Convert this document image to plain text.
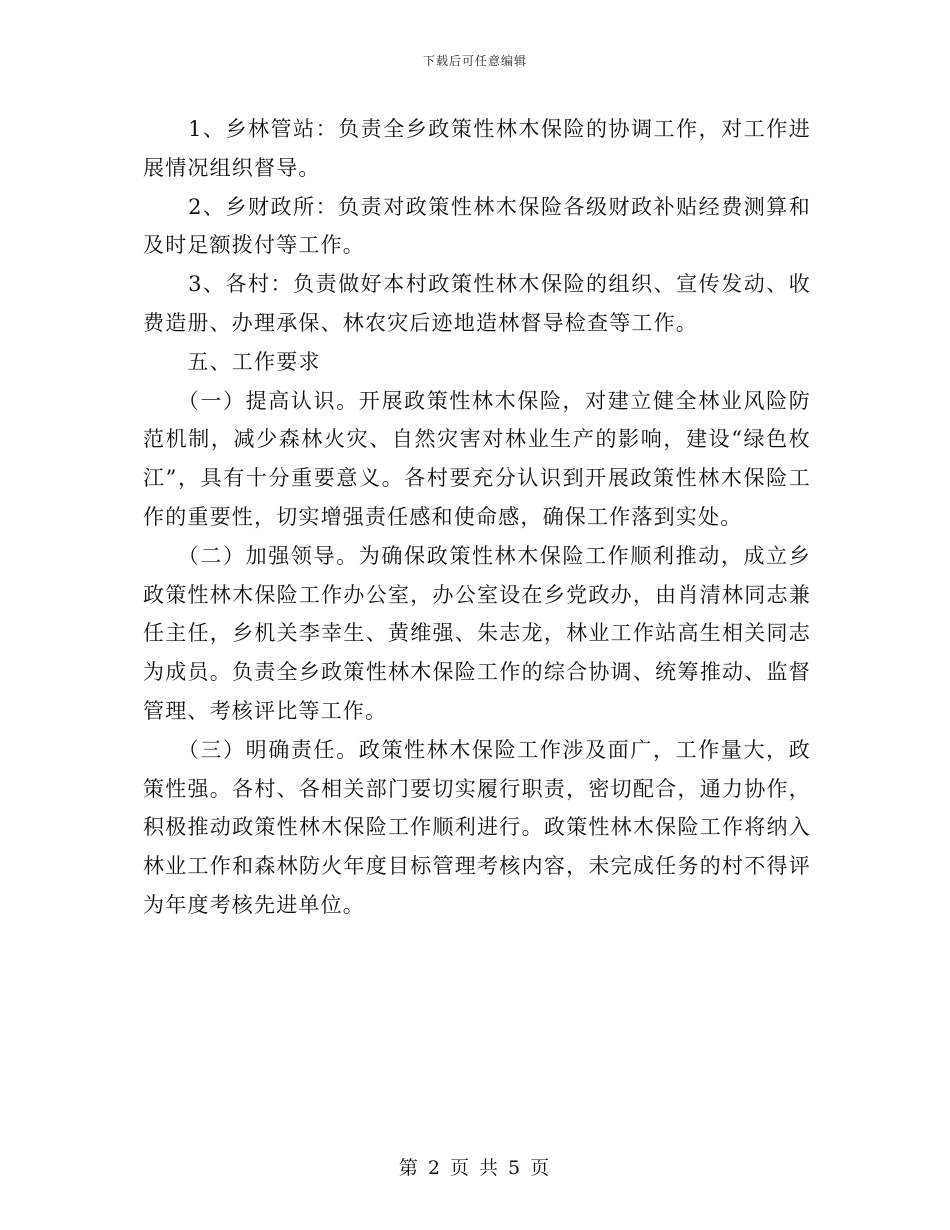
下载后可任意编辑

　　1、乡林管站：负责全乡政策性林木保险的协调工作，对工作进展情况组织督导。

　　2、乡财政所：负责对政策性林木保险各级财政补贴经费测算和及时足额拨付等工作。

　　3、各村：负责做好本村政策性林木保险的组织、宣传发动、收费造册、办理承保、林农灾后迹地造林督导检查等工作。

　　五、工作要求

　　（一）提高认识。开展政策性林木保险，对建立健全林业风险防范机制，减少森林火灾、自然灾害对林业生产的影响，建设“绿色枚江”，具有十分重要意义。各村要充分认识到开展政策性林木保险工作的重要性，切实增强责任感和使命感，确保工作落到实处。

　　（二）加强领导。为确保政策性林木保险工作顺利推动，成立乡政策性林木保险工作办公室，办公室设在乡党政办，由肖清林同志兼任主任，乡机关李幸生、黄维强、朱志龙，林业工作站高生相关同志为成员。负责全乡政策性林木保险工作的综合协调、统筹推动、监督管理、考核评比等工作。

　　（三）明确责任。政策性林木保险工作涉及面广，工作量大，政策性强。各村、各相关部门要切实履行职责，密切配合，通力协作，积极推动政策性林木保险工作顺利进行。政策性林木保险工作将纳入林业工作和森林防火年度目标管理考核内容，未完成任务的村不得评为年度考核先进单位。

第 2 页 共 5 页
